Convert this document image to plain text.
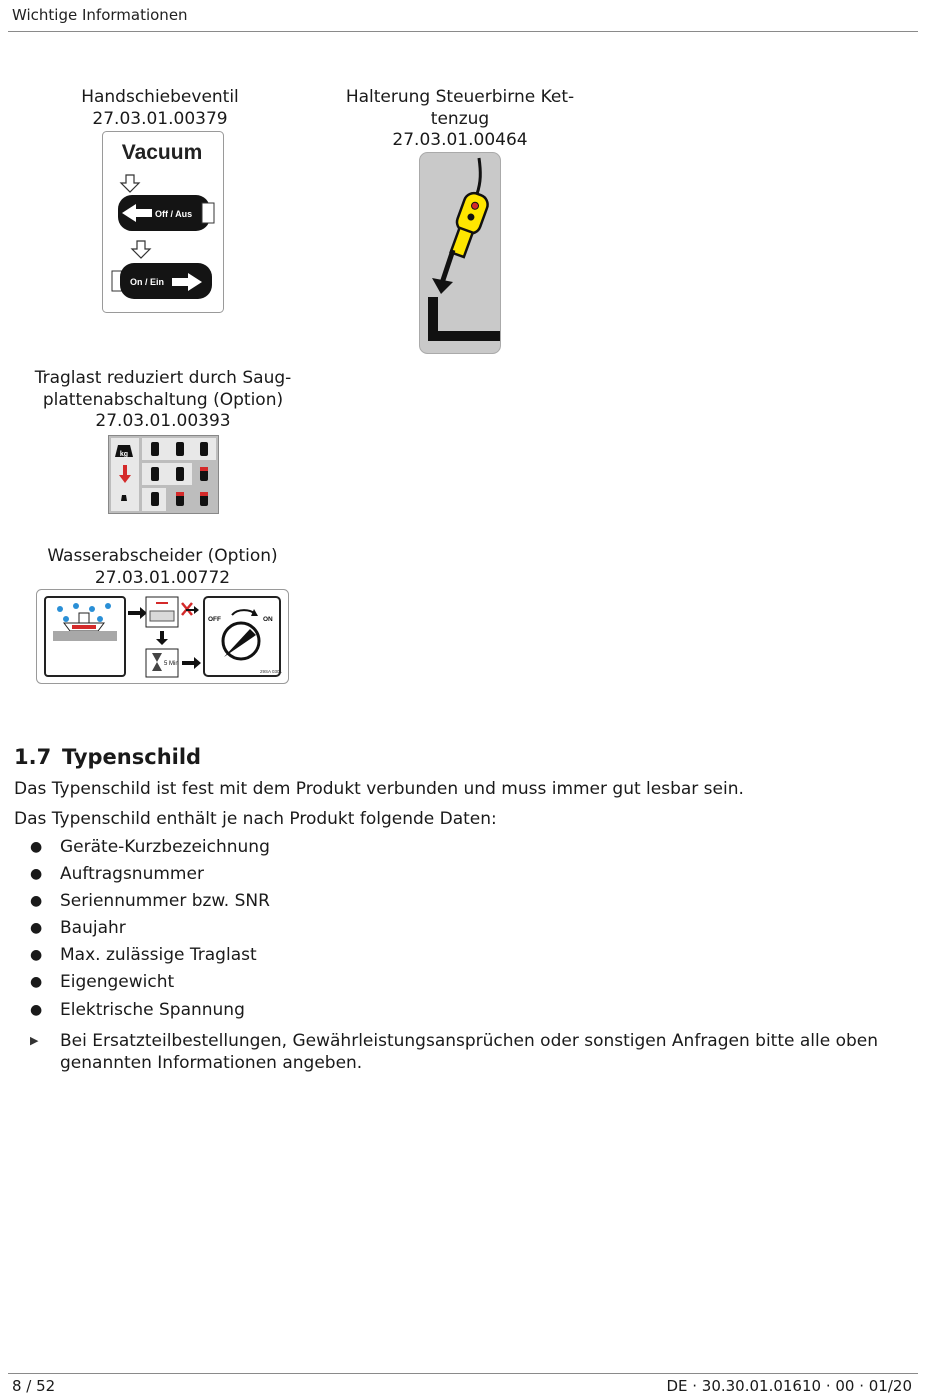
Wichtige Informationen
Handschiebeventil
27.03.01.00379
Vacuum
Off / Aus
On / Ein
Halterung Steuerbirne Ket-
tenzug
27.03.01.00464
Traglast reduziert durch Saug-
plattenabschaltung (Option)
27.03.01.00393
kg
Wasserabscheider (Option)
27.03.01.00772
5 Min
OFF	ON
29SA 0301
1.7 Typenschild
Das Typenschild ist fest mit dem Produkt verbunden und muss immer gut lesbar sein.
Das Typenschild enthält je nach Produkt folgende Daten:
●	Geräte-Kurzbezeichnung
●	Auftragsnummer
●	Seriennummer bzw. SNR
●	Baujahr
●	Max. zulässige Traglast
●	Eigengewicht
●	Elektrische Spannung
▶	Bei Ersatzteilbestellungen, Gewährleistungsansprüchen oder sonstigen Anfragen bitte alle oben genannten Informationen angeben.
8 / 52	DE · 30.30.01.01610 · 00 · 01/20
